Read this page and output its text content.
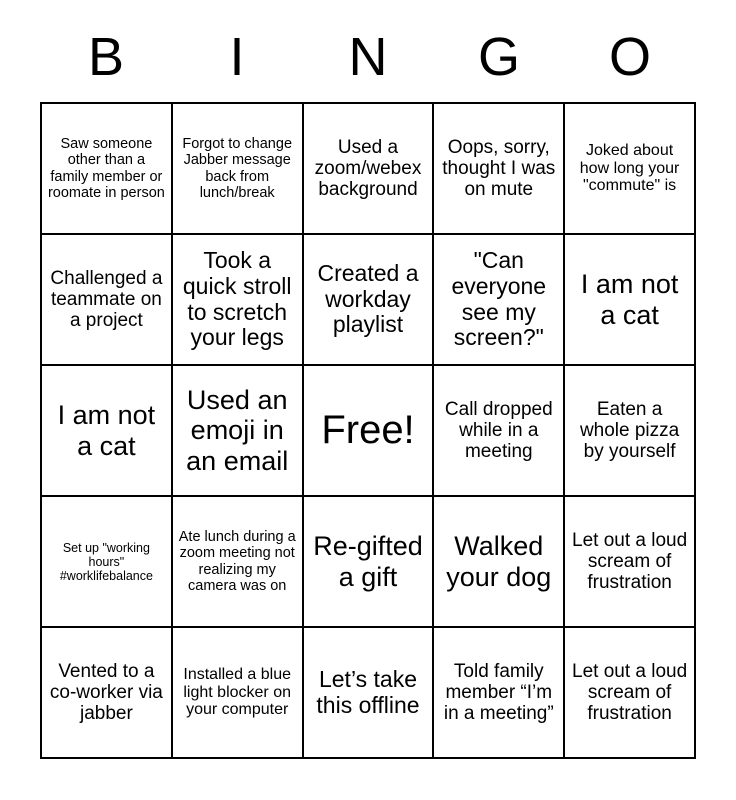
B	I	N	G	O
Saw someone other than a family member or roomate in person	Forgot to change Jabber message back from lunch/break	Used a zoom/webex background	Oops, sorry, thought I was on mute	Joked about how long your "commute" is

Challenged a teammate on a project	Took a quick stroll to scretch your legs	Created a workday playlist	"Can everyone see my screen?"	I am not a cat

I am not a cat	Used an emoji in an email	Free!	Call dropped while in a meeting	Eaten a whole pizza by yourself

Set up "working hours" #worklifebalance	Ate lunch during a zoom meeting not realizing my camera was on	Re-gifted a gift	Walked your dog	Let out a loud scream of frustration

Vented to a co-worker via jabber	Installed a blue light blocker on your computer	Let’s take this offline	Told family member “I’m in a meeting”	Let out a loud scream of frustration
